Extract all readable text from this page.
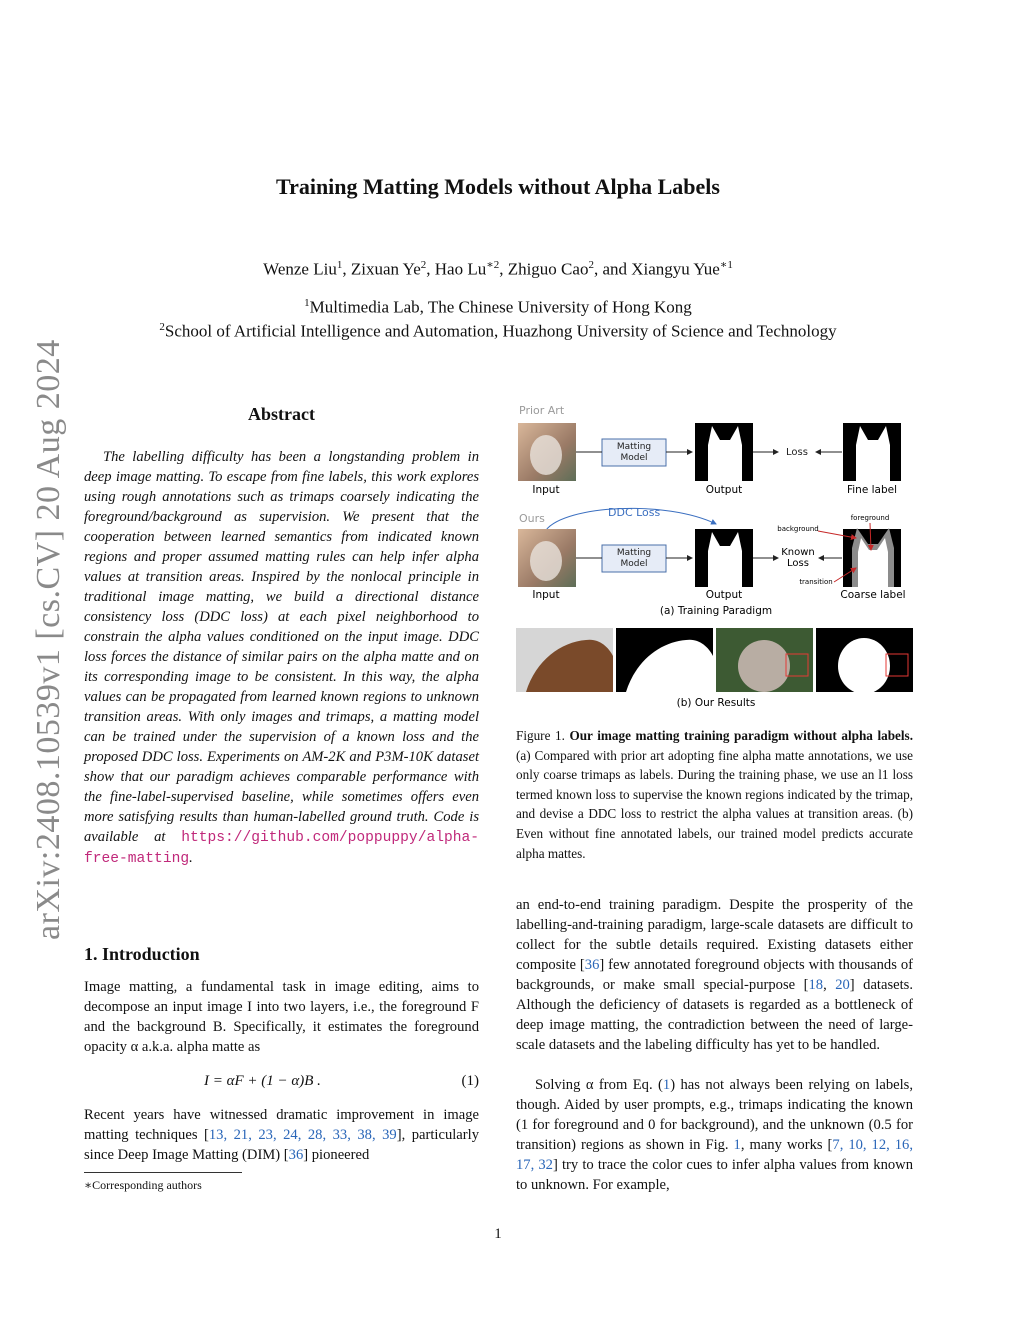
arXiv:2408.10539v1 [cs.CV] 20 Aug 2024
Training Matting Models without Alpha Labels
Wenze Liu$^1$, Zixuan Ye$^2$, Hao $Lu^{∗2}$, Zhiguo Cao$^2$, and Xiangyu Yue$^{∗1}$
$^1$Multimedia Lab, The Chinese University of Hong Kong
$^2$School of Artificial Intelligence and Automation, Huazhong University of Science and Technology
Abstract
The labelling difficulty has been a longstanding problem in deep image matting. To escape from fine labels, this work explores using rough annotations such as trimaps coarsely indicating the foreground/background as supervision. We present that the cooperation between learned semantics from indicated known regions and proper assumed matting rules can help infer alpha values at transition areas. Inspired by the nonlocal principle in traditional image matting, we build a directional distance consistency loss (DDC loss) at each pixel neighborhood to constrain the alpha values conditioned on the input image. DDC loss forces the distance of similar pairs on the alpha matte and on its corresponding image to be consistent. In this way, the alpha values can be propagated from learned known regions to unknown transition areas. With only images and trimaps, a matting model can be trained under the supervision of a known loss and the proposed DDC loss. Experiments on AM-2K and P3M-10K dataset show that our paradigm achieves comparable performance with the fine-label-supervised baseline, while sometimes offers even more satisfying results than human-labelled ground truth. Code is available at https://github.com/poppuppy/alpha-free-matting.
1. Introduction
Image matting, a fundamental task in image editing, aims to decompose an input image I into two layers, i.e., the foreground F and the background B. Specifically, it estimates the foreground opacity α a.k.a. alpha matte as
I = αF + (1 − α)B .	(1)
Recent years have witnessed dramatic improvement in image matting techniques [13, 21, 23, 24, 28, 33, 38, 39], particularly since Deep Image Matting (DIM) [36] pioneered
∗Corresponding authors
Prior Art
Matting Model	Loss
Input	Output	Fine label
Ours	DDC Loss
Matting Model
Known Loss
background
foreground
transition
Input	Output	Coarse label
(a) Training Paradigm
(b) Our Results
Figure 1. Our image matting training paradigm without alpha labels. (a) Compared with prior art adopting fine alpha matte annotations, we use only coarse trimaps as labels. During the training phase, we use an l1 loss termed known loss to supervise the known regions indicated by the trimap, and devise a DDC loss to restrict the alpha values at transition areas. (b) Even without fine annotated labels, our trained model predicts accurate alpha mattes.
an end-to-end training paradigm. Despite the prosperity of the labelling-and-training paradigm, large-scale datasets are difficult to collect for the subtle details required. Existing datasets either composite [36] few annotated foreground objects with thousands of backgrounds, or make small special-purpose [18, 20] datasets. Although the deficiency of datasets is regarded as a bottleneck of deep image matting, the contradiction between the need of large-scale datasets and the labeling difficulty has yet to be handled.
Solving α from Eq. (1) has not always been relying on labels, though. Aided by user prompts, e.g., trimaps indicating the known (1 for foreground and 0 for background), and the unknown (0.5 for transition) regions as shown in Fig. 1, many works [7, 10, 12, 16, 17, 32] try to trace the color cues to infer alpha values from known to unknown. For example,
1
